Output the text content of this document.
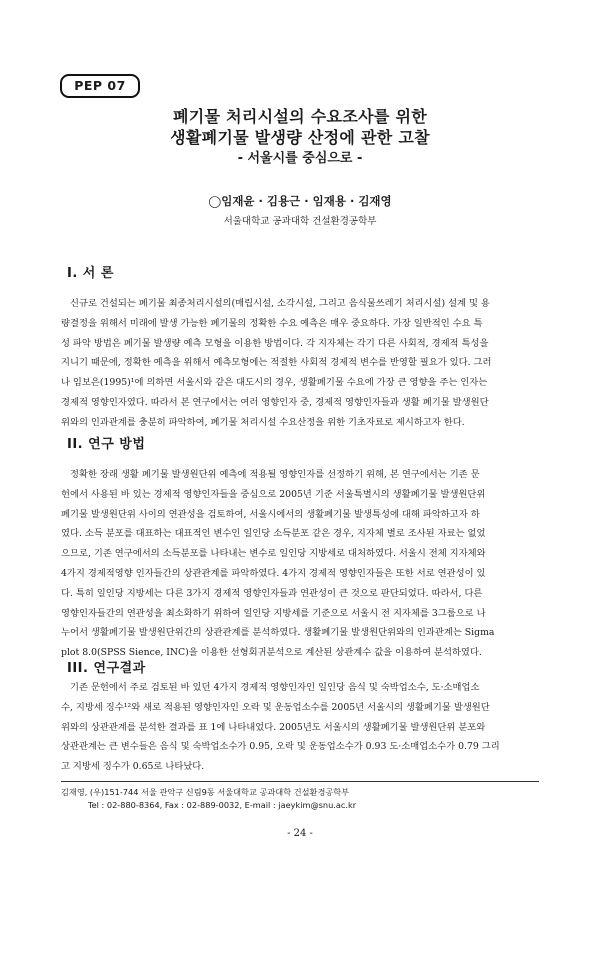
PEP 07
폐기물 처리시설의 수요조사를 위한
생활폐기물 발생량 산정에 관한 고찰
- 서울시를 중심으로 -
◯임재윤 · 김용근 · 임재용 · 김재영
서울대학교 공과대학 건설환경공학부
I. 서 론
신규로 건설되는 폐기물 최종처리시설의(매립시설, 소각시설, 그리고 음식물쓰레기 처리시설) 설계 및 용
량결정을 위해서 미래에 발생 가능한 폐기물의 정확한 수요 예측은 매우 중요하다. 가장 일반적인 수요 특
성 파악 방법은 폐기물 발생량 예측 모형을 이용한 방법이다. 각 지자체는 각기 다른 사회적, 경제적 특성을
지니기 때문에, 정확한 예측을 위해서 예측모형에는 적절한 사회적 경제적 변수를 반영할 필요가 있다. 그러
나 임보은(1995)¹에 의하면 서울시와 같은 대도시의 경우, 생활폐기물 수요에 가장 큰 영향을 주는 인자는
경제적 영향인자였다. 따라서 본 연구에서는 여러 영향인자 중, 경제적 영향인자들과 생활 폐기물 발생원단
위와의 인과관계를 충분히 파악하여, 폐기물 처리시설 수요산정을 위한 기초자료로 제시하고자 한다.
II. 연구 방법
정확한 장래 생활 폐기물 발생원단위 예측에 적용될 영향인자를 선정하기 위해, 본 연구에서는 기존 문
헌에서 사용된 바 있는 경제적 영향인자들을 중심으로 2005년 기준 서울특별시의 생활폐기물 발생원단위
폐기물 발생원단위 사이의 연관성을 검토하여, 서울시에서의 생활폐기물 발생특성에 대해 파악하고자 하
였다. 소득 분포를 대표하는 대표적인 변수인 일인당 소득분포 같은 경우, 지자체 별로 조사된 자료는 없었
으므로, 기존 연구에서의 소득분포를 나타내는 변수로 일인당 지방세로 대처하였다. 서울시 전체 지자체와
4가지 경제적영향 인자들간의 상관관계를 파악하였다. 4가지 경제적 영향인자들은 또한 서로 연관성이 있
다. 특히 일인당 지방세는 다른 3가지 경제적 영향인자들과 연관성이 큰 것으로 판단되었다. 따라서, 다른
영향인자들간의 연관성을 최소화하기 위하여 일인당 지방세를 기준으로 서울시 전 지자체를 3그룹으로 나
누어서 생활폐기물 발생원단위간의 상관관계를 분석하였다. 생활폐기물 발생원단위와의 인과관계는 Sigma
plot 8.0(SPSS Sience, INC)을 이용한 선형회귀분석으로 계산된 상관계수 값을 이용하여 분석하였다.
III. 연구결과
기존 문헌에서 주로 검토된 바 있던 4가지 경제적 영향인자인 일인당 음식 및 숙박업소수, 도·소매업소
수, 지방세 징수¹²와 새로 적용된 영향인자인 오락 및 운동업소수를 2005년 서울시의 생활폐기물 발생원단
위와의 상관관계를 분석한 결과를 표 1에 나타내었다. 2005년도 서울시의 생활폐기물 발생원단위 분포와
상관관계는 큰 변수들은 음식 및 숙박업소수가 0.95, 오락 및 운동업소수가 0.93 도·소매업소수가 0.79 그리
고 지방세 징수가 0.65로 나타났다.
김재영, (우)151-744 서울 관악구 신림9동 서울대학교 공과대학 건설환경공학부
Tel : 02-880-8364, Fax : 02-889-0032, E-mail : jaeykim@snu.ac.kr
- 24 -
